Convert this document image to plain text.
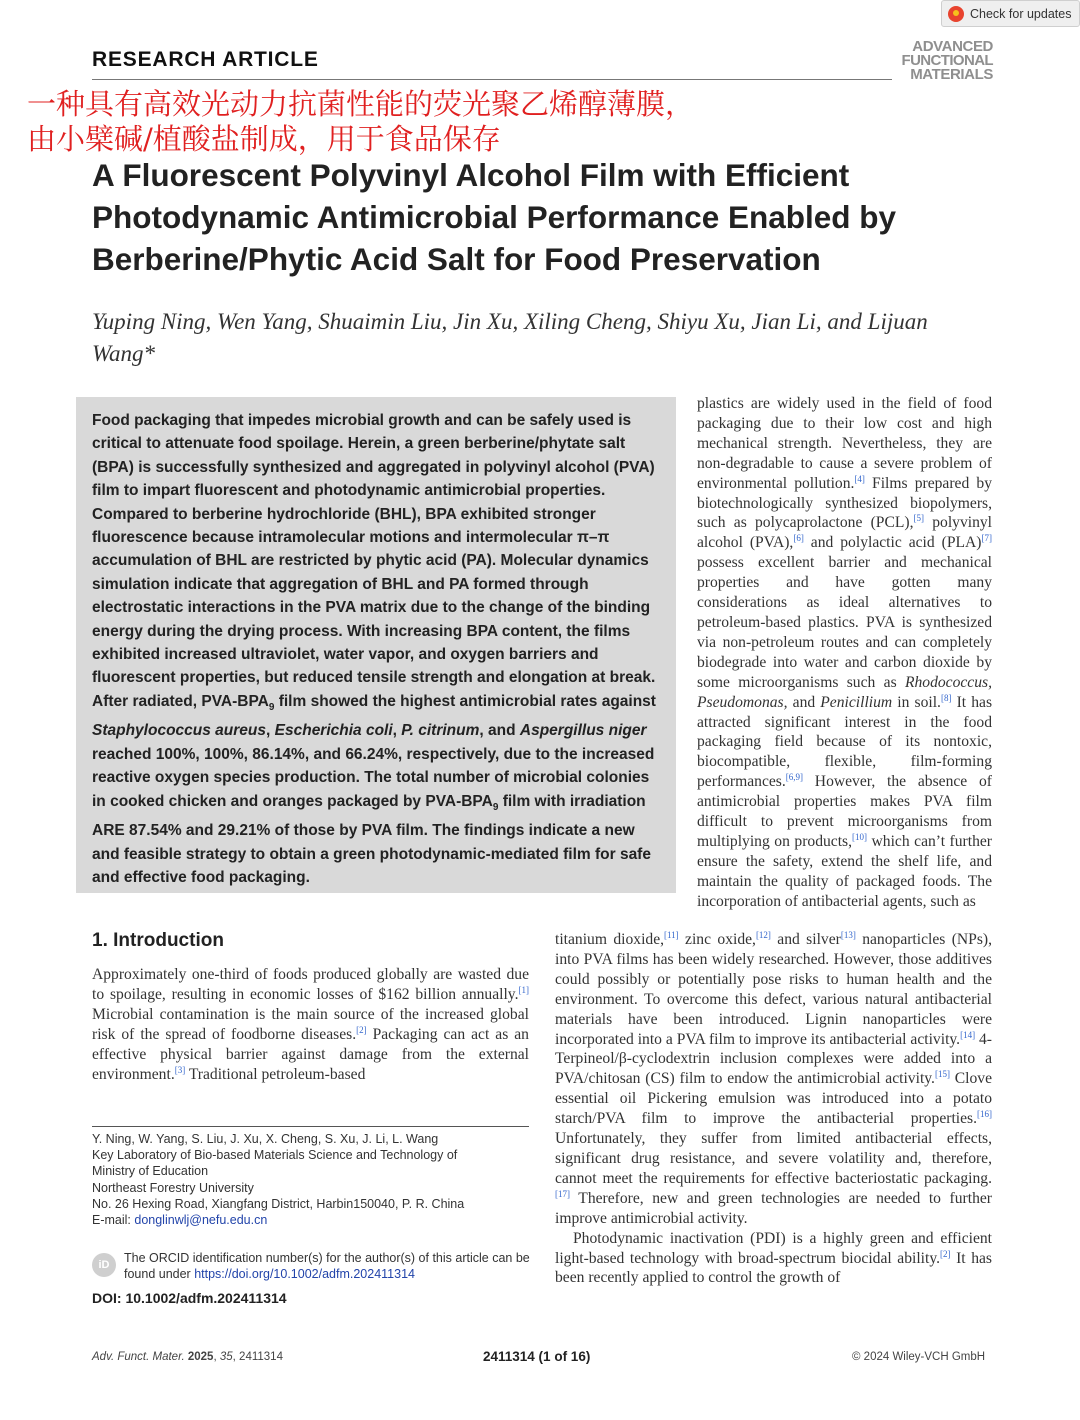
Check for updates
RESEARCH ARTICLE
ADVANCED
FUNCTIONAL
MATERIALS
一种具有高效光动力抗菌性能的荧光聚乙烯醇薄膜，
由小檗碱/植酸盐制成，用于食品保存
A Fluorescent Polyvinyl Alcohol Film with Efficient Photodynamic Antimicrobial Performance Enabled by Berberine/Phytic Acid Salt for Food Preservation
Yuping Ning, Wen Yang, Shuaimin Liu, Jin Xu, Xiling Cheng, Shiyu Xu, Jian Li, and Lijuan Wang*

Food packaging that impedes microbial growth and can be safely used is critical to attenuate food spoilage. Herein, a green berberine/phytate salt (BPA) is successfully synthesized and aggregated in polyvinyl alcohol (PVA) film to impart fluorescent and photodynamic antimicrobial properties. Compared to berberine hydrochloride (BHL), BPA exhibited stronger fluorescence because intramolecular motions and intermolecular π–π accumulation of BHL are restricted by phytic acid (PA). Molecular dynamics simulation indicate that aggregation of BHL and PA formed through electrostatic interactions in the PVA matrix due to the change of the binding energy during the drying process. With increasing BPA content, the films exhibited increased ultraviolet, water vapor, and oxygen barriers and fluorescent properties, but reduced tensile strength and elongation at break. After radiated, PVA-$BPA_9$ film showed the highest antimicrobial rates against Staphylococcus aureus, Escherichia coli, P. citrinum, and Aspergillus niger reached 100%, 100%, 86.14%, and 66.24%, respectively, due to the increased reactive oxygen species production. The total number of microbial colonies in cooked chicken and oranges packaged by PVA-$BPA_9$ film with irradiation ARE 87.54% and 29.21% of those by PVA film. The findings indicate a new and feasible strategy to obtain a green photodynamic-mediated film for safe and effective food packaging.

plastics are widely used in the field of food packaging due to their low cost and high mechanical strength. Nevertheless, they are non-degradable to cause a severe problem of environmental pollution.[4] Films prepared by biotechnologically synthesized biopolymers, such as polycaprolactone (PCL),[5] polyvinyl alcohol (PVA),[6] and polylactic acid (PLA)[7] possess excellent barrier and mechanical properties and have gotten many considerations as ideal alternatives to petroleum-based plastics. PVA is synthesized via non-petroleum routes and can completely biodegrade into water and carbon dioxide by some microorganisms such as Rhodococcus, Pseudomonas, and Penicillium in soil.[8] It has attracted significant interest in the food packaging field because of its nontoxic, biocompatible, flexible, film-forming performances.[6,9] However, the absence of antimicrobial properties makes PVA film difficult to prevent microorganisms from multiplying on products,[10] which can’t further ensure the safety, extend the shelf life, and maintain the quality of packaged foods. The incorporation of antibacterial agents, such as

1. Introduction

Approximately one-third of foods produced globally are wasted due to spoilage, resulting in economic losses of $162 billion annually.[1] Microbial contamination is the main source of the increased global risk of the spread of foodborne diseases.[2] Packaging can act as an effective physical barrier against damage from the external environment.[3] Traditional petroleum-based

titanium dioxide,[11] zinc oxide,[12] and silver[13] nanoparticles (NPs), into PVA films has been widely researched. However, those additives could possibly or potentially pose risks to human health and the environment. To overcome this defect, various natural antibacterial materials have been introduced. Lignin nanoparticles were incorporated into a PVA film to improve its antibacterial activity.[14] 4-Terpineol/β-cyclodextrin inclusion complexes were added into a PVA/chitosan (CS) film to endow the antimicrobial activity.[15] Clove essential oil Pickering emulsion was introduced into a potato starch/PVA film to improve the antibacterial properties.[16] Unfortunately, they suffer from limited antibacterial effects, significant drug resistance, and severe volatility and, therefore, cannot meet the requirements for effective bacteriostatic packaging.[17] Therefore, new and green technologies are needed to further improve antimicrobial activity.

Photodynamic inactivation (PDI) is a highly green and efficient light-based technology with broad-spectrum biocidal ability.[2] It has been recently applied to control the growth of

Y. Ning, W. Yang, S. Liu, J. Xu, X. Cheng, S. Xu, J. Li, L. Wang
Key Laboratory of Bio-based Materials Science and Technology of
Ministry of Education
Northeast Forestry University
No. 26 Hexing Road, Xiangfang District, Harbin150040, P. R. China
E-mail: donglinwlj@nefu.edu.cn
iD	The ORCID identification number(s) for the author(s) of this article can be found under https://doi.org/10.1002/adfm.202411314
DOI: 10.1002/adfm.202411314
Adv. Funct. Mater. 2025, 35, 2411314	2411314 (1 of 16)	© 2024 Wiley-VCH GmbH
